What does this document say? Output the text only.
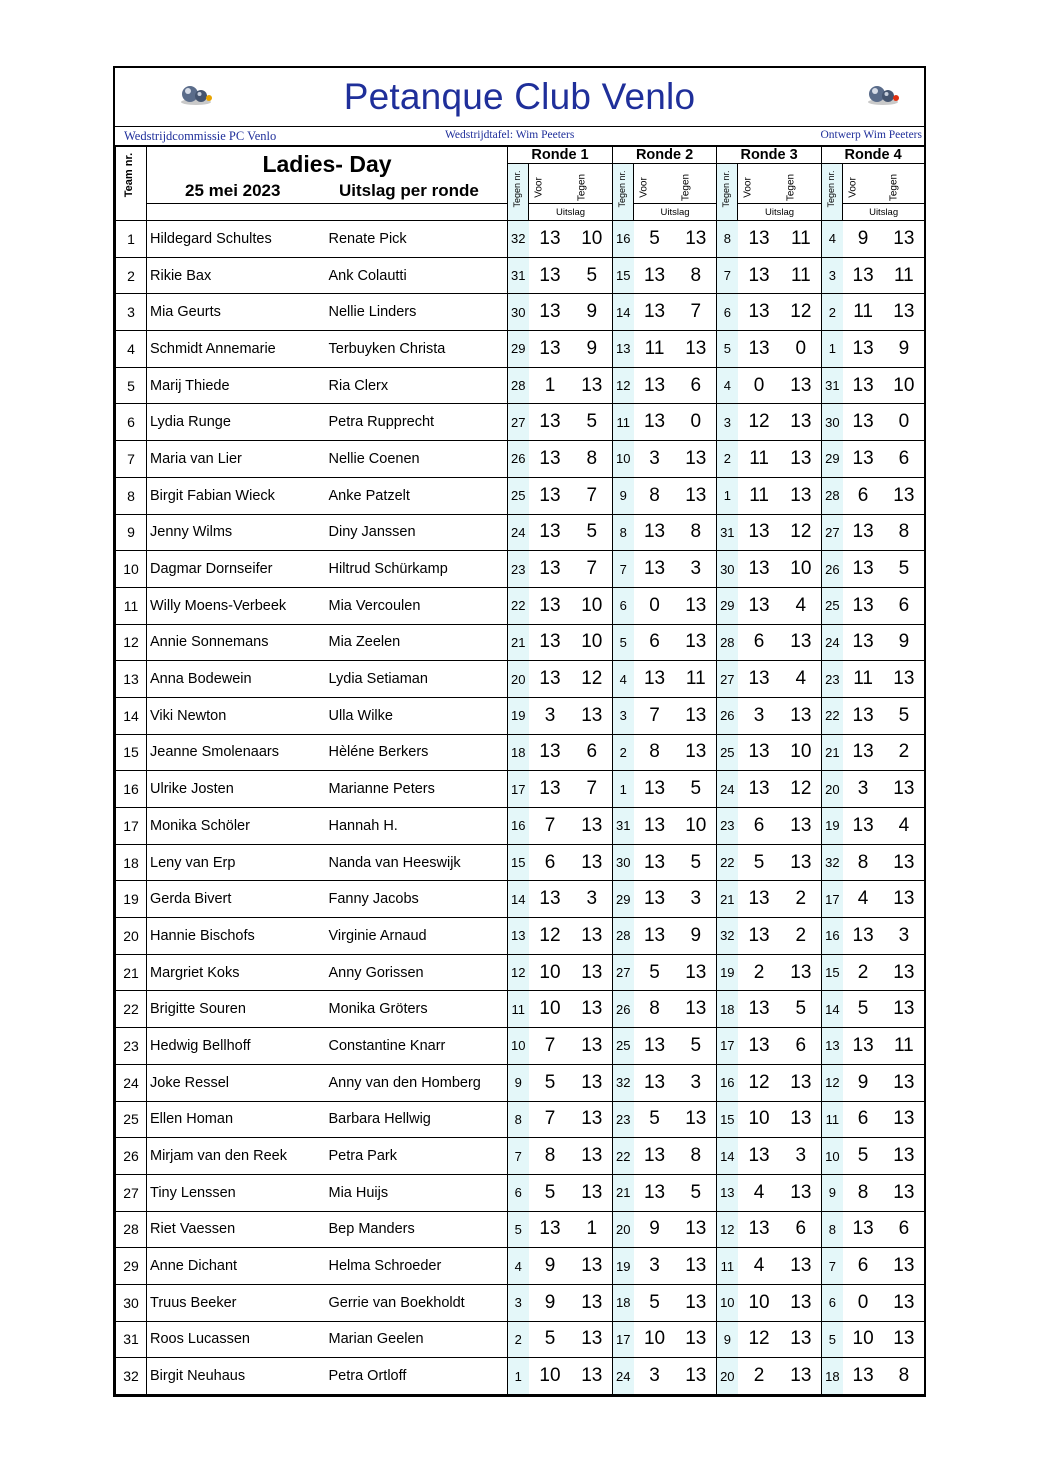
Petanque Club Venlo
Wedstrijdcommissie PC Venlo	Wedstrijdtafel: Wim Peeters	Ontwerp Wim Peeters
Team nr.	Ladies- Day
25 mei 2023 Uitslag per ronde		Ronde 1			Ronde 2			Ronde 3			Ronde 4		

			Tegen nr.	Voor	Tegen	Tegen nr.	Voor	Tegen	Tegen nr.	Voor	Tegen	Tegen nr.	Voor	Tegen

				Uitslag			Uitslag			Uitslag			Uitslag	
1	Hildegard Schultes	Renate Pick	32	13	10	16	5	13	8	13	11	4	9	13
2	Rikie Bax	Ank Colautti	31	13	5	15	13	8	7	13	11	3	13	11
3	Mia Geurts	Nellie Linders	30	13	9	14	13	7	6	13	12	2	11	13
4	Schmidt Annemarie	Terbuyken Christa	29	13	9	13	11	13	5	13	0	1	13	9
5	Marij Thiede	Ria Clerx	28	1	13	12	13	6	4	0	13	31	13	10
6	Lydia Runge	Petra Rupprecht	27	13	5	11	13	0	3	12	13	30	13	0
7	Maria van Lier	Nellie Coenen	26	13	8	10	3	13	2	11	13	29	13	6
8	Birgit Fabian Wieck	Anke Patzelt	25	13	7	9	8	13	1	11	13	28	6	13
9	Jenny Wilms	Diny Janssen	24	13	5	8	13	8	31	13	12	27	13	8
10	Dagmar Dornseifer	Hiltrud Schürkamp	23	13	7	7	13	3	30	13	10	26	13	5
11	Willy Moens-Verbeek	Mia Vercoulen	22	13	10	6	0	13	29	13	4	25	13	6
12	Annie Sonnemans	Mia Zeelen	21	13	10	5	6	13	28	6	13	24	13	9
13	Anna Bodewein	Lydia Setiaman	20	13	12	4	13	11	27	13	4	23	11	13
14	Viki Newton	Ulla Wilke	19	3	13	3	7	13	26	3	13	22	13	5
15	Jeanne Smolenaars	Hèléne Berkers	18	13	6	2	8	13	25	13	10	21	13	2
16	Ulrike Josten	Marianne Peters	17	13	7	1	13	5	24	13	12	20	3	13
17	Monika Schöler	Hannah H.	16	7	13	31	13	10	23	6	13	19	13	4
18	Leny van Erp	Nanda van Heeswijk	15	6	13	30	13	5	22	5	13	32	8	13
19	Gerda Bivert	Fanny Jacobs	14	13	3	29	13	3	21	13	2	17	4	13
20	Hannie Bischofs	Virginie Arnaud	13	12	13	28	13	9	32	13	2	16	13	3
21	Margriet Koks	Anny Gorissen	12	10	13	27	5	13	19	2	13	15	2	13
22	Brigitte Souren	Monika Gröters	11	10	13	26	8	13	18	13	5	14	5	13
23	Hedwig Bellhoff	Constantine Knarr	10	7	13	25	13	5	17	13	6	13	13	11
24	Joke Ressel	Anny van den Homberg	9	5	13	32	13	3	16	12	13	12	9	13
25	Ellen Homan	Barbara Hellwig	8	7	13	23	5	13	15	10	13	11	6	13
26	Mirjam van den Reek	Petra Park	7	8	13	22	13	8	14	13	3	10	5	13
27	Tiny Lenssen	Mia Huijs	6	5	13	21	13	5	13	4	13	9	8	13
28	Riet Vaessen	Bep Manders	5	13	1	20	9	13	12	13	6	8	13	6
29	Anne Dichant	Helma Schroeder	4	9	13	19	3	13	11	4	13	7	6	13
30	Truus Beeker	Gerrie van Boekholdt	3	9	13	18	5	13	10	10	13	6	0	13
31	Roos Lucassen	Marian Geelen	2	5	13	17	10	13	9	12	13	5	10	13
32	Birgit Neuhaus	Petra Ortloff	1	10	13	24	3	13	20	2	13	18	13	8
